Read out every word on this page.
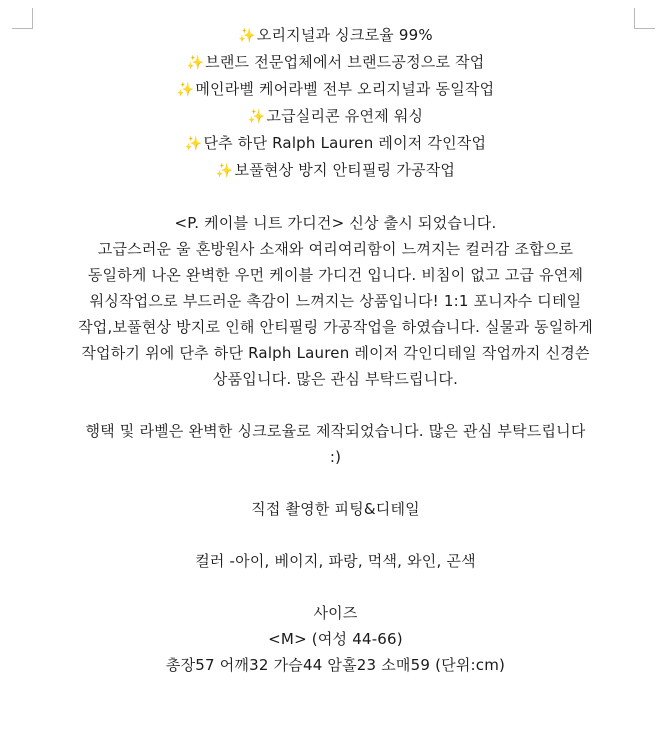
✨오리지널과 싱크로율 99%
✨브랜드 전문업체에서 브랜드공정으로 작업
✨메인라벨 케어라벨 전부 오리지널과 동일작업
✨고급실리콘 유연제 워싱
✨단추 하단 Ralph Lauren 레이저 각인작업
✨보풀현상 방지 안티필링 가공작업
<P. 케이블 니트 가디건> 신상 출시 되었습니다.
고급스러운 울 혼방원사 소재와 여리여리함이 느껴지는 컬러감 조합으로
동일하게 나온 완벽한 우먼 케이블 가디건 입니다. 비침이 없고 고급 유연제
워싱작업으로 부드러운 촉감이 느껴지는 상품입니다! 1:1 포니자수 디테일
작업,보풀현상 방지로 인해 안티필링 가공작업을 하였습니다. 실물과 동일하게
작업하기 위에 단추 하단 Ralph Lauren 레이저 각인디테일 작업까지 신경쓴
상품입니다. 많은 관심 부탁드립니다.
행택 및 라벨은 완벽한 싱크로율로 제작되었습니다. 많은 관심 부탁드립니다
:)
직접 촬영한 피팅&디테일
컬러 -아이, 베이지, 파랑, 먹색, 와인, 곤색
사이즈
<M> (여성 44-66)
총장57 어깨32 가슴44 암홀23 소매59 (단위:cm)
